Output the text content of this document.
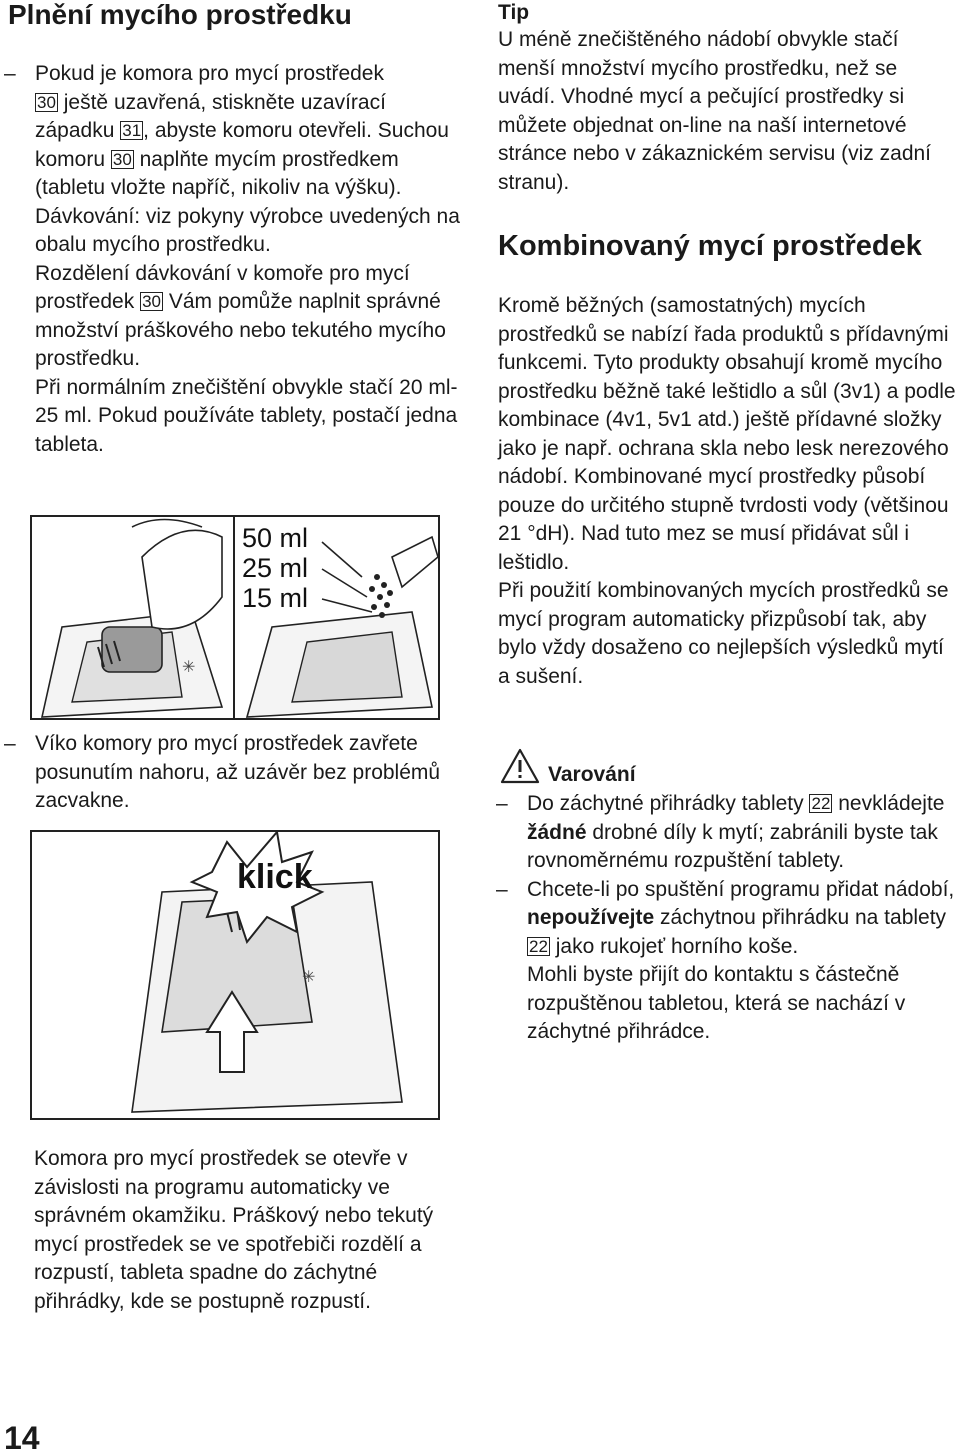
Plnění mycího prostředku
– Pokud je komora pro mycí prostředek
30 ještě uzavřená, stiskněte uzavírací západku 31, abyste komoru otevřeli. Suchou komoru 30 naplňte mycím prostředkem (tabletu vložte napříč, nikoliv na výšku). Dávkování: viz pokyny výrobce uvedených na obalu mycího prostředku.

Rozdělení dávkování v komoře pro mycí prostředek 30 Vám pomůže naplnit správné množství práškového nebo tekutého mycího prostředku.

Při normálním znečištění obvykle stačí 20 ml-25 ml. Pokud používáte tablety, postačí jedna tableta.

✳
50 ml
25 ml
15 ml
– Víko komory pro mycí prostředek zavřete posunutím nahoru, až uzávěr bez problémů zacvakne.
✳
klick

Komora pro mycí prostředek se otevře v závislosti na programu automaticky ve správném okamžiku. Práškový nebo tekutý mycí prostředek se ve spotřebiči rozdělí a rozpustí, tableta spadne do záchytné přihrádky, kde se postupně rozpustí.

Tip

U méně znečištěného nádobí obvykle stačí menší množství mycího prostředku, než se uvádí. Vhodné mycí a pečující prostředky si můžete objednat on-line na naší internetové stránce nebo v zákaznickém servisu (viz zadní stranu).

Kombinovaný mycí prostředek

Kromě běžných (samostatných) mycích prostředků se nabízí řada produktů s přídavnými funkcemi. Tyto produkty obsahují kromě mycího prostředku běžně také leštidlo a sůl (3v1) a podle kombinace (4v1, 5v1 atd.) ještě přídavné složky jako je např. ochrana skla nebo lesk nerezového nádobí. Kombinované mycí prostředky působí pouze do určitého stupně tvrdosti vody (většinou 21 °dH). Nad tuto mez se musí přidávat sůl i leštidlo.

Při použití kombinovaných mycích prostředků se mycí program automaticky přizpůsobí tak, aby bylo vždy dosaženo co nejlepších výsledků mytí a sušení.

Varování
– Do záchytné přihrádky tablety 22 nevkládejte žádné drobné díly k mytí; zabránili byste tak rovnoměrnému rozpuštění tablety.
– Chcete-li po spuštění programu přidat nádobí, nepoužívejte záchytnou přihrádku na tablety 22 jako rukojeť horního koše.

Mohli byste přijít do kontaktu s částečně rozpuštěnou tabletou, která se nachází v záchytné přihrádce.

14
